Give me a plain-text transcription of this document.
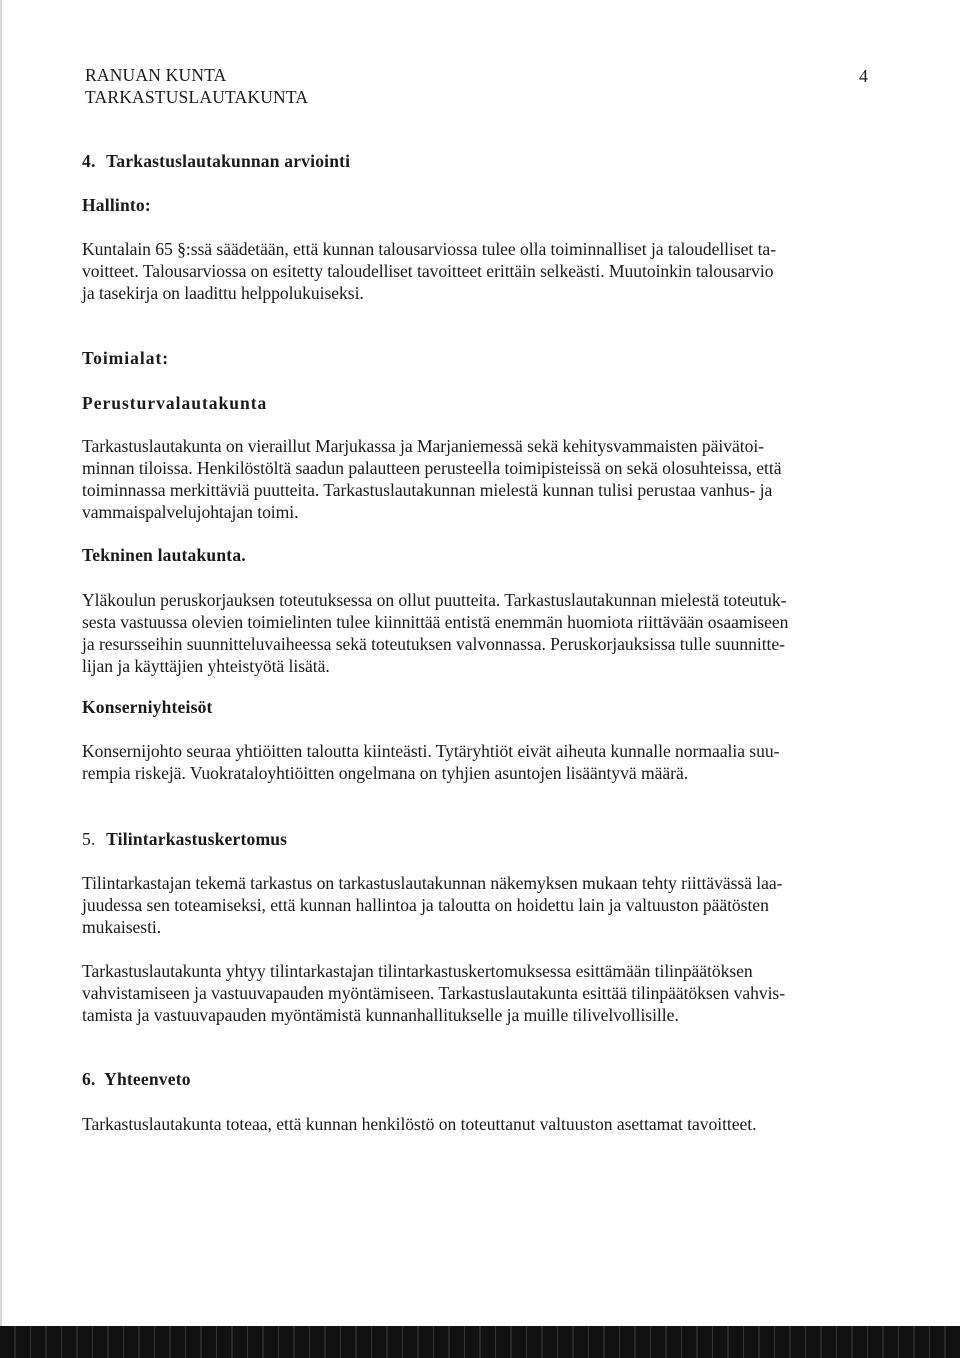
RANUAN KUNTA
TARKASTUSLAUTAKUNTA
4
4. Tarkastuslautakunnan arviointi
Hallinto:
Kuntalain 65 §:ssä säädetään, että kunnan talousarviossa tulee olla toiminnalliset ja taloudelliset ta-
voitteet. Talousarviossa on esitetty taloudelliset tavoitteet erittäin selkeästi. Muutoinkin talousarvio
ja tasekirja on laadittu helppolukuiseksi.
Toimialat:
Perusturvalautakunta
Tarkastuslautakunta on vieraillut Marjukassa ja Marjaniemessä sekä kehitysvammaisten päivätoi-
minnan tiloissa. Henkilöstöltä saadun palautteen perusteella toimipisteissä on sekä olosuhteissa, että
toiminnassa merkittäviä puutteita. Tarkastuslautakunnan mielestä kunnan tulisi perustaa vanhus- ja
vammaispalvelujohtajan toimi.
Tekninen lautakunta.
Yläkoulun peruskorjauksen toteutuksessa on ollut puutteita. Tarkastuslautakunnan mielestä toteutuk-
sesta vastuussa olevien toimielinten tulee kiinnittää entistä enemmän huomiota riittävään osaamiseen
ja resursseihin suunnitteluvaiheessa sekä toteutuksen valvonnassa. Peruskorjauksissa tulle suunnitte-
lijan ja käyttäjien yhteistyötä lisätä.
Konserniyhteisöt
Konsernijohto seuraa yhtiöitten taloutta kiinteästi. Tytäryhtiöt eivät aiheuta kunnalle normaalia suu-
rempia riskejä. Vuokrataloyhtiöitten ongelmana on tyhjien asuntojen lisääntyvä määrä.
5. Tilintarkastuskertomus
Tilintarkastajan tekemä tarkastus on tarkastuslautakunnan näkemyksen mukaan tehty riittävässä laa-
juudessa sen toteamiseksi, että kunnan hallintoa ja taloutta on hoidettu lain ja valtuuston päätösten
mukaisesti.
Tarkastuslautakunta yhtyy tilintarkastajan tilintarkastuskertomuksessa esittämään tilinpäätöksen
vahvistamiseen ja vastuuvapauden myöntämiseen. Tarkastuslautakunta esittää tilinpäätöksen vahvis-
tamista ja vastuuvapauden myöntämistä kunnanhallitukselle ja muille tilivelvollisille.
6. Yhteenveto
Tarkastuslautakunta toteaa, että kunnan henkilöstö on toteuttanut valtuuston asettamat tavoitteet.
